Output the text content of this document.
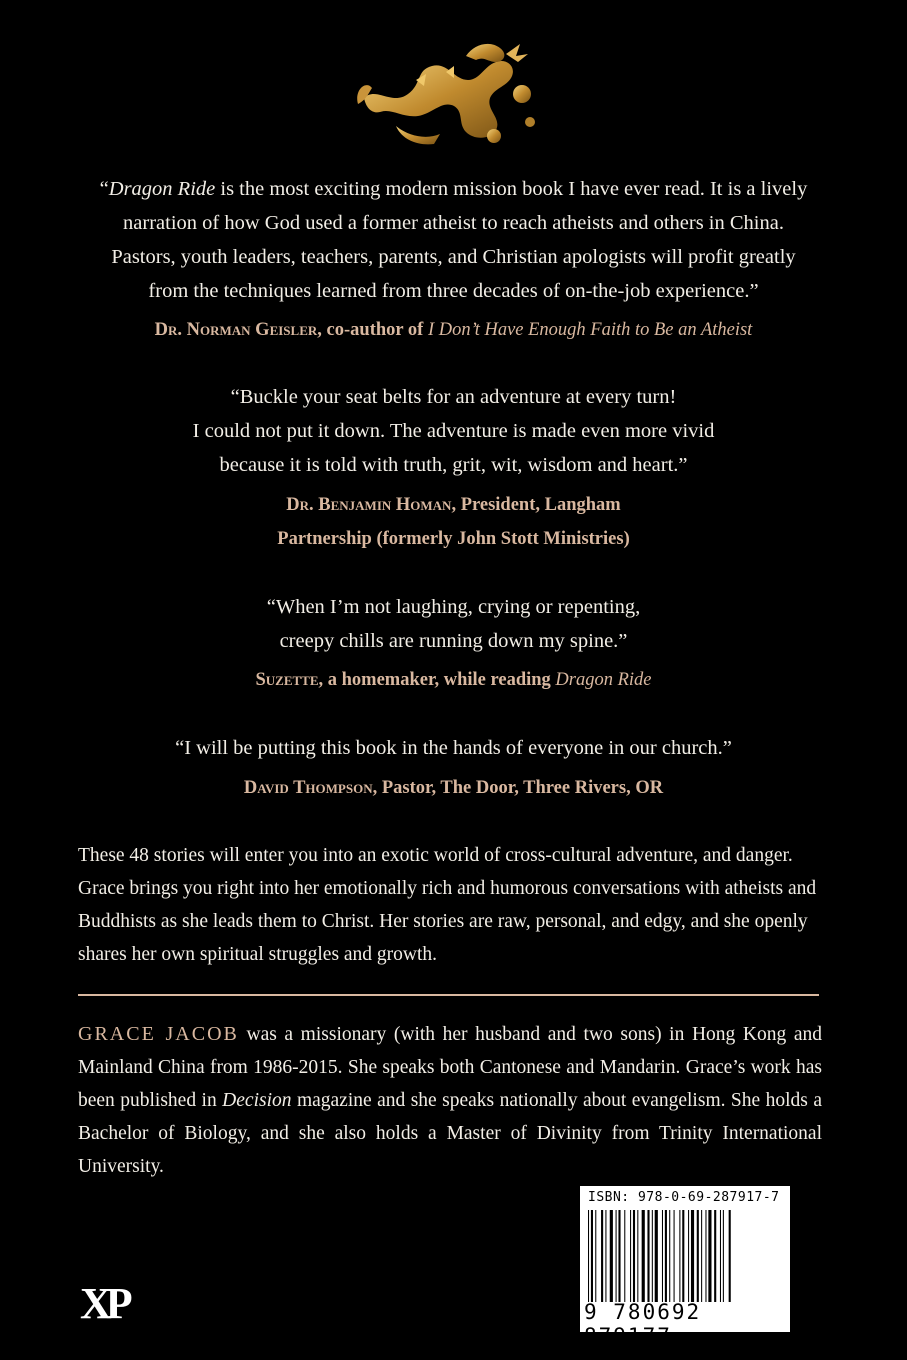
“Dragon Ride is the most exciting modern mission book I have ever read. It is a lively
narration of how God used a former atheist to reach atheists and others in China.
Pastors, youth leaders, teachers, parents, and Christian apologists will profit greatly
from the techniques learned from three decades of on-the-job experience.”
Dr. Norman Geisler, co-author of I Don’t Have Enough Faith to Be an Atheist
“Buckle your seat belts for an adventure at every turn!
I could not put it down. The adventure is made even more vivid
because it is told with truth, grit, wit, wisdom and heart.”
Dr. Benjamin Homan, President, Langham
Partnership (formerly John Stott Ministries)
“When I’m not laughing, crying or repenting,
creepy chills are running down my spine.”
Suzette, a homemaker, while reading Dragon Ride
“I will be putting this book in the hands of everyone in our church.”
David Thompson, Pastor, The Door, Three Rivers, OR
These 48 stories will enter you into an exotic world of cross-cultural adventure, and danger. Grace brings you right into her emotionally rich and humorous conversations with atheists and Buddhists as she leads them to Christ. Her stories are raw, personal, and edgy, and she openly shares her own spiritual struggles and growth.
GRACE JACOB was a missionary (with her husband and two sons) in Hong Kong and Mainland China from 1986-2015. She speaks both Cantonese and Mandarin. Grace’s work has been published in Decision magazine and she speaks nationally about evangelism. She holds a Bachelor of Biology, and she also holds a Master of Divinity from Trinity International University.
XP
ISBN: 978-0-69-287917-7
9 780692 879177
